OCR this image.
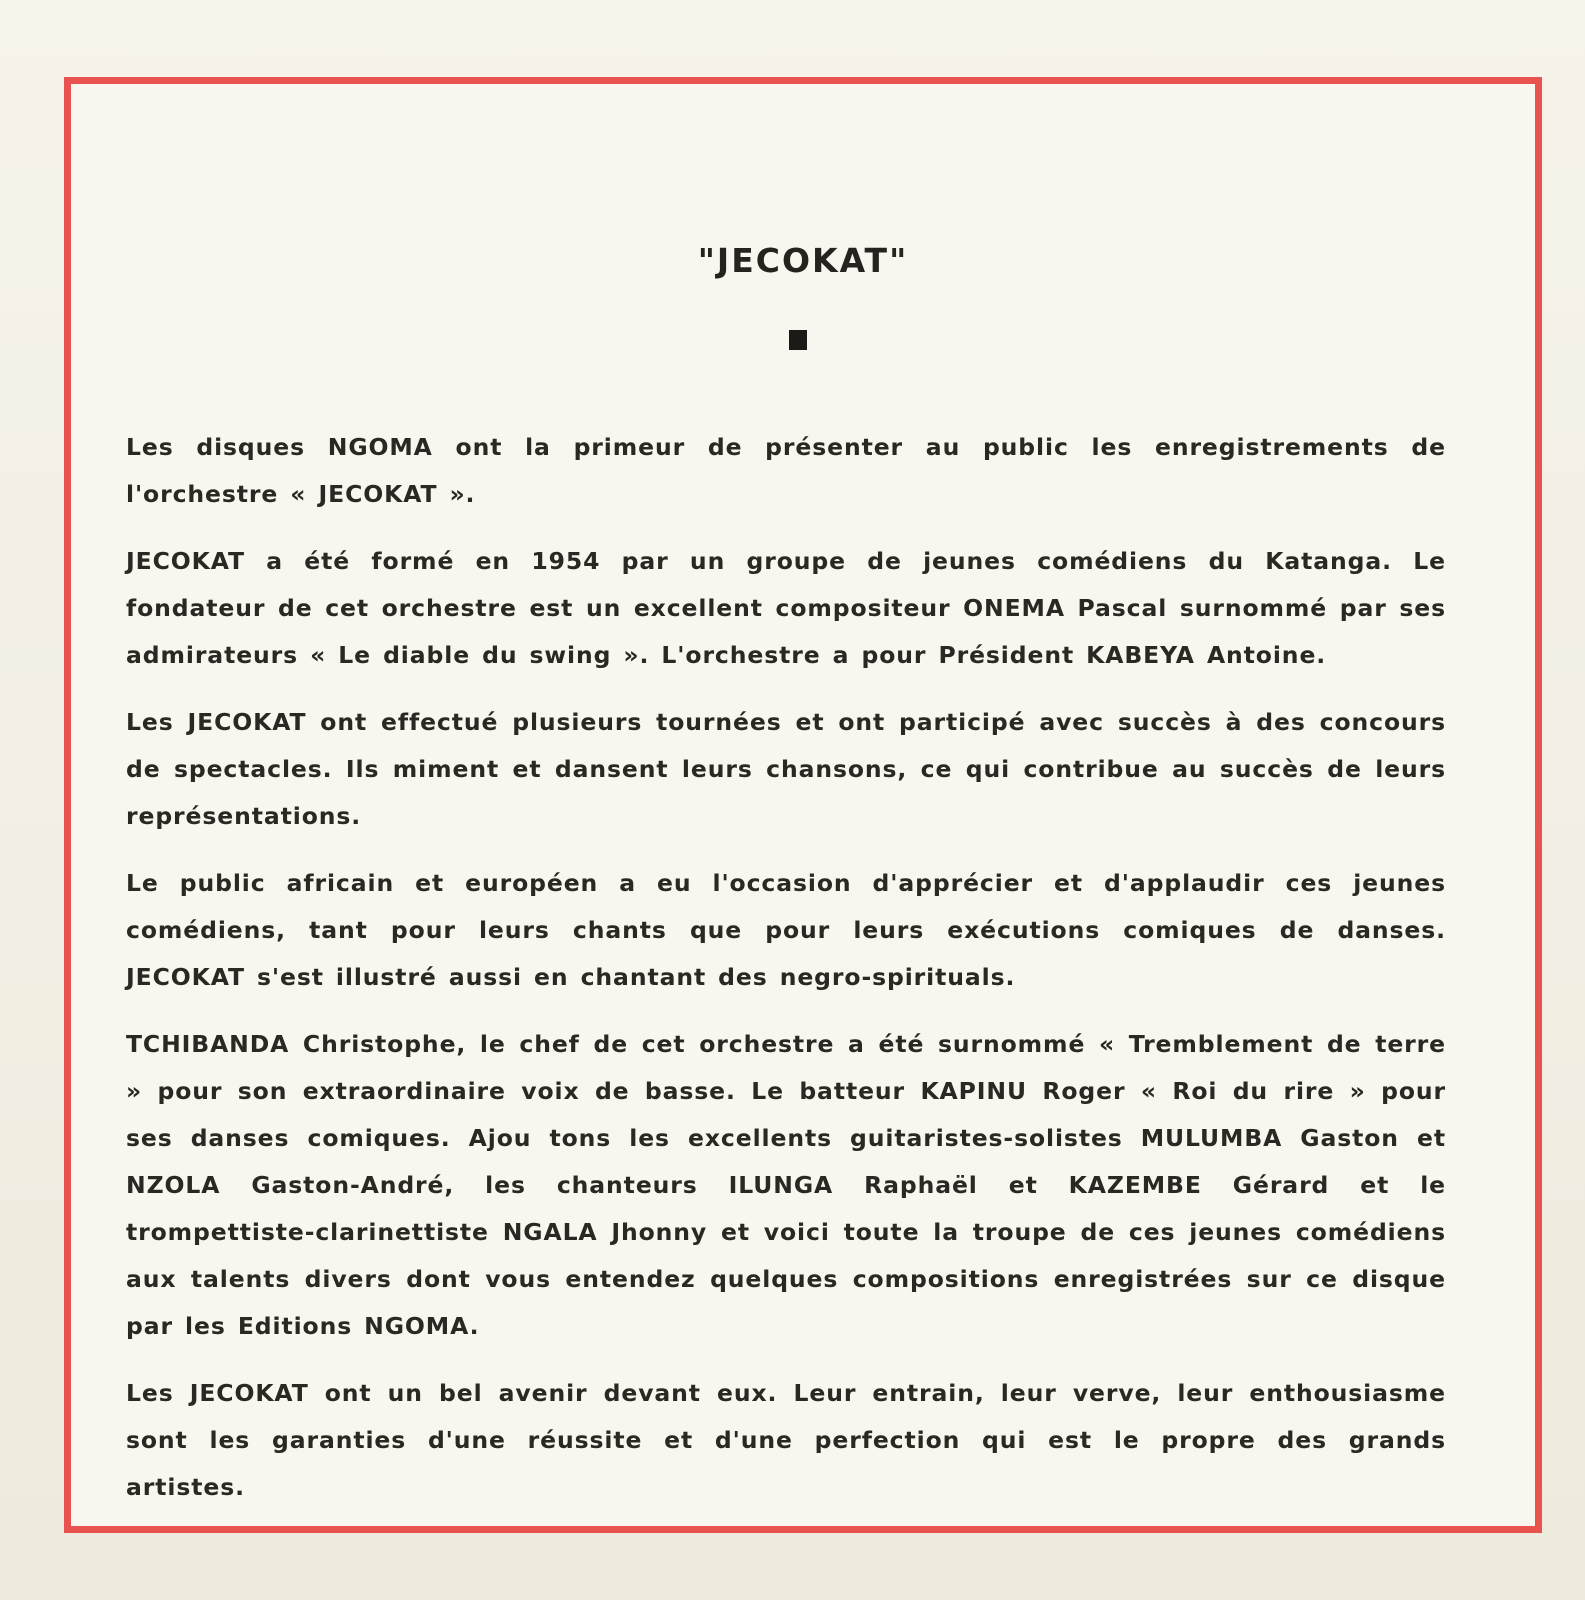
"JECOKAT"

Les disques NGOMA ont la primeur de présenter au public les enregistrements de l'orchestre « JECOKAT ».

JECOKAT a été formé en 1954 par un groupe de jeunes comédiens du Katanga. Le fondateur de cet orchestre est un excellent compositeur ONEMA Pascal surnommé par ses admirateurs « Le diable du swing ». L'orchestre a pour Président KABEYA Antoine.

Les JECOKAT ont effectué plusieurs tournées et ont participé avec succès à des concours de spectacles. Ils miment et dansent leurs chansons, ce qui contribue au succès de leurs représentations.

Le public africain et européen a eu l'occasion d'apprécier et d'applaudir ces jeunes comédiens, tant pour leurs chants que pour leurs exécutions comiques de danses. JECOKAT s'est illustré aussi en chantant des negro-spirituals.

TCHIBANDA Christophe, le chef de cet orchestre a été surnommé « Tremblement de terre » pour son extraordinaire voix de basse. Le batteur KAPINU Roger « Roi du rire » pour ses danses comiques. Ajou tons les excellents guitaristes-solistes MULUMBA Gaston et NZOLA Gaston-André, les chanteurs ILUNGA Raphaël et KAZEMBE Gérard et le trompettiste-clarinettiste NGALA Jhonny et voici toute la troupe de ces jeunes comédiens aux talents divers dont vous entendez quelques compositions enregistrées sur ce disque par les Editions NGOMA.

Les JECOKAT ont un bel avenir devant eux. Leur entrain, leur verve, leur enthousiasme sont les garanties d'une réussite et d'une perfection qui est le propre des grands artistes.
